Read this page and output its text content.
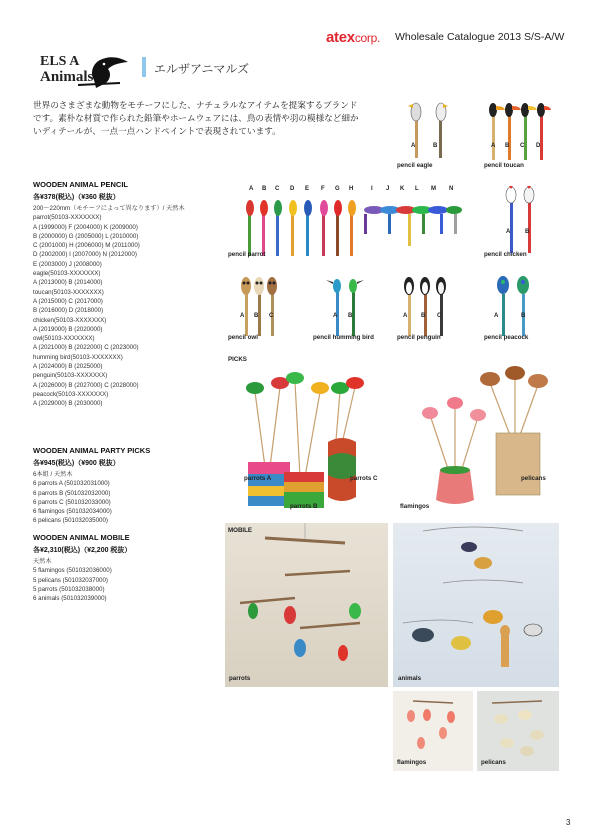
atexcorp. Wholesale Catalogue 2013 S/S-A/W
ELS A
Animals	エルザアニマルズ
世界のさまざまな動物をモチーフにした、ナチュラルなアイテムを提案するブランドです。素朴な材質で作られた鉛筆やホームウェアには、鳥の表情や羽の模様など細かいディテールが、一点一点ハンドペイントで表現されています。
WOODEN ANIMAL PENCIL
各¥378(税込)（¥360 税抜）
200～220mm（モチーフによって異なります）/ 天然木
parrot(50103-XXXXXXX)
A (1999000) F (2004000) K (2009000)
B (2000000) G (2005000) L (2010000)
C (2001000) H (2006000) M (2011000)
D (2002000) I (2007000) N (2012000)
E (2003000) J (2008000)
eagle(50103-XXXXXXX)
A (2013000) B (2014000)
toucan(50103-XXXXXXX)
A (2015000) C (2017000)
B (2016000) D (2018000)
chicken(50103-XXXXXXX)
A (2019000) B (2020000)
owl(50103-XXXXXXX)
A (2021000) B (2022000) C (2023000)
humming bird(50103-XXXXXXX)
A (2024000) B (2025000)
penguin(50103-XXXXXXX)
A (2026000) B (2027000) C (2028000)
peacock(50103-XXXXXXX)
A (2029000) B (2030000)
WOODEN ANIMAL PARTY PICKS
各¥945(税込)（¥900 税抜）
6本組 / 天然木
6 parrots A (501032031000)
6 parrots B (501032032000)
6 parrots C (501032033000)
6 flamingos (501032034000)
6 pelicans (501032035000)
WOODEN ANIMAL MOBILE
各¥2,310(税込)（¥2,200 税抜）
天然木
5 flamingos (501032036000)
5 pelicans (501032037000)
5 parrots (501032038000)
6 animals (501032039000)
A	B
pencil eagle
A B C D
pencil toucan
A B C D E F G H	I J K L M N
pencil parrot
A B
pencil chicken
A B C
pencil owl
A B
pencil humming bird
A B C
pencil penguin
A	B
pencil peacock
PICKS
parrots A
parrots B
parrots C
flamingos
pelicans
MOBILE
parrots	animals
flamingos	pelicans
3
